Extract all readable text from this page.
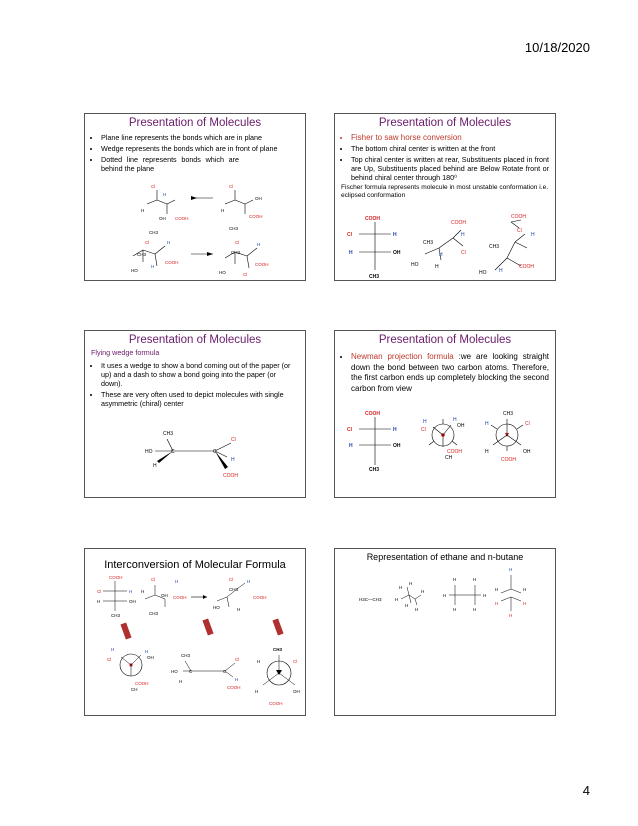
10/18/2020
Presentation of Molecules
• Plane line represents the bonds which are in plane
• Wedge represents the bonds which are in front of plane
• Dotted line represents bonds which are behind the plane
H
Cl
H
OH COOH
CH3
Cl
H
OH
COOH
CH3
Cl	H
CH3
HO
H
COOH
Cl	H
CH3
HO	Cl
COOH
Presentation of Molecules
• Fisher to saw horse conversion
• The bottom chiral center is written at the front
• Top chiral center is written at rear, Substituents placed in front are Up, Substituents placed behind are Below Rotate front or behind chiral center through 180⁰
Fischer formula represents molecule in most unstable conformation i.e. eclipsed conformation
COOH
Cl	H
H	OH
CH3
COOH
H
CH3
Cl
H
HO	H
COOH
Cl
H
CH3
HO	H
COOH
Presentation of Molecules
Flying wedge formula
• It uses a wedge to show a bond coming out of the paper (or up) and a dash to show a bond going into the paper (or down).
• These are very often used to depict molecules with single asymmetric (chiral) center
CH3
HO	C
H
C
Cl
H
COOH
Presentation of Molecules
• Newman projection formula :we are looking straight down the bond between two carbon atoms. Therefore, the first carbon ends up completely blocking the second carbon from view
COOH
Cl	H
H	OH
CH3
H
Cl
H
OH
COOH
CH
CH3
H	Cl
H	OH
COOH
Interconversion of Molecular Formula
COOH
Cl	H
H	OH
CH3
Cl	H
H
OH COOH
CH3
Cl	H
CH3
COOH
HO	H
H
Cl
H
OH
COOH
CH
CH3
HO	C
H
C
Cl
H
COOH
CH3
H	Cl
H	OH
COOH
Representation of ethane and n-butane
H3C—CH3
H
H
H
H
H
H
H	H
H	H
H	H
H
H	H
H	H
H
4
